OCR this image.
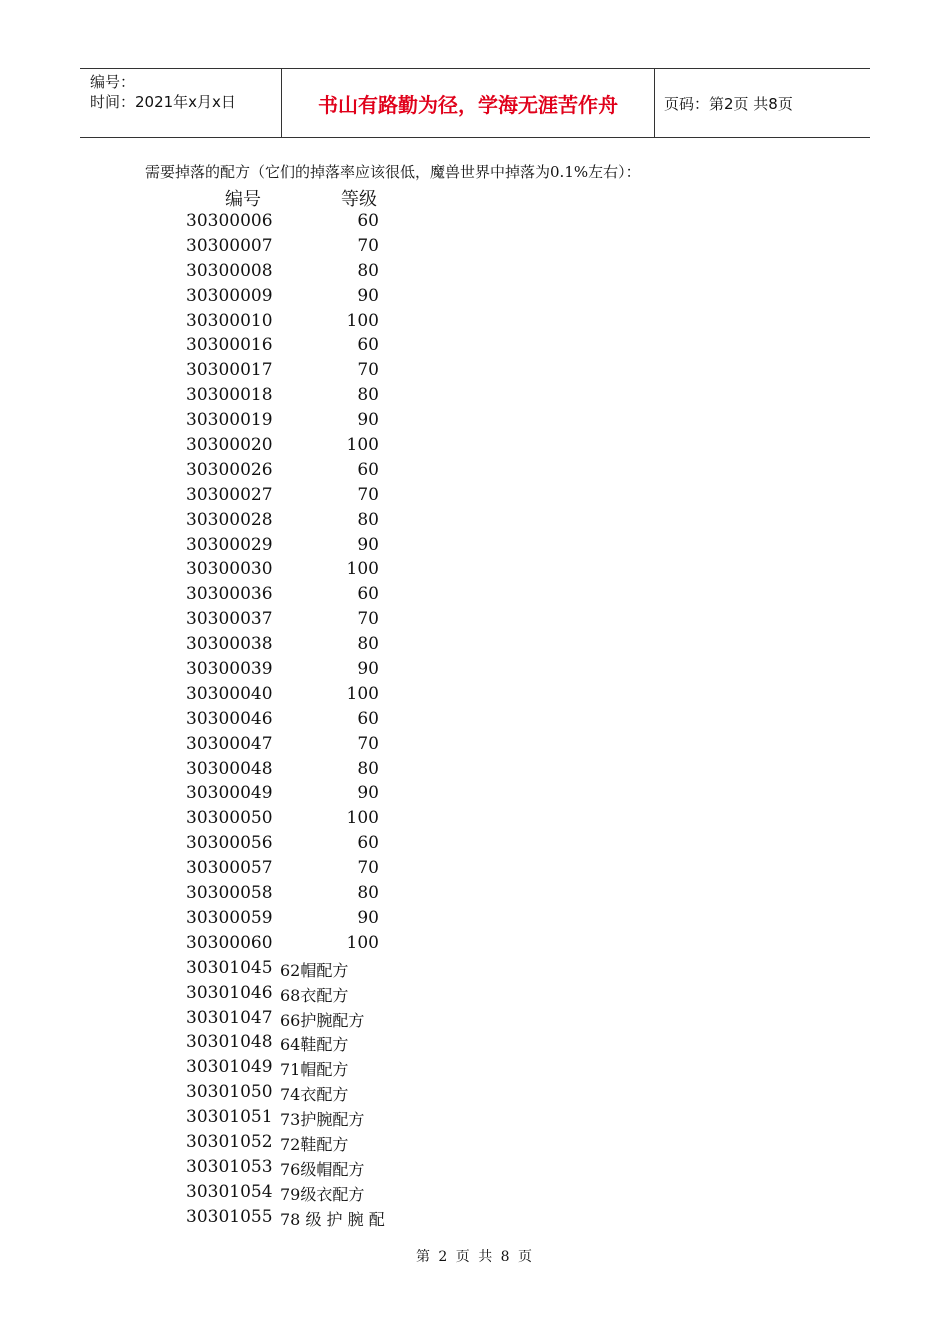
编号：
时间：2021年x月x日	书山有路勤为径，学海无涯苦作舟	页码：第2页 共8页
需要掉落的配方（它们的掉落率应该很低，魔兽世界中掉落为0.1%左右）：
编号	等级
30300006	60
30300007	70
30300008	80
30300009	90
30300010	100
30300016	60
30300017	70
30300018	80
30300019	90
30300020	100
30300026	60
30300027	70
30300028	80
30300029	90
30300030	100
30300036	60
30300037	70
30300038	80
30300039	90
30300040	100
30300046	60
30300047	70
30300048	80
30300049	90
30300050	100
30300056	60
30300057	70
30300058	80
30300059	90
30300060	100
30301045 62帽配方
30301046 68衣配方
30301047 66护腕配方
30301048 64鞋配方
30301049 71帽配方
30301050 74衣配方
30301051 73护腕配方
30301052 72鞋配方
30301053 76级帽配方
30301054 79级衣配方
30301055 78 级 护 腕 配
第 2 页 共 8 页
